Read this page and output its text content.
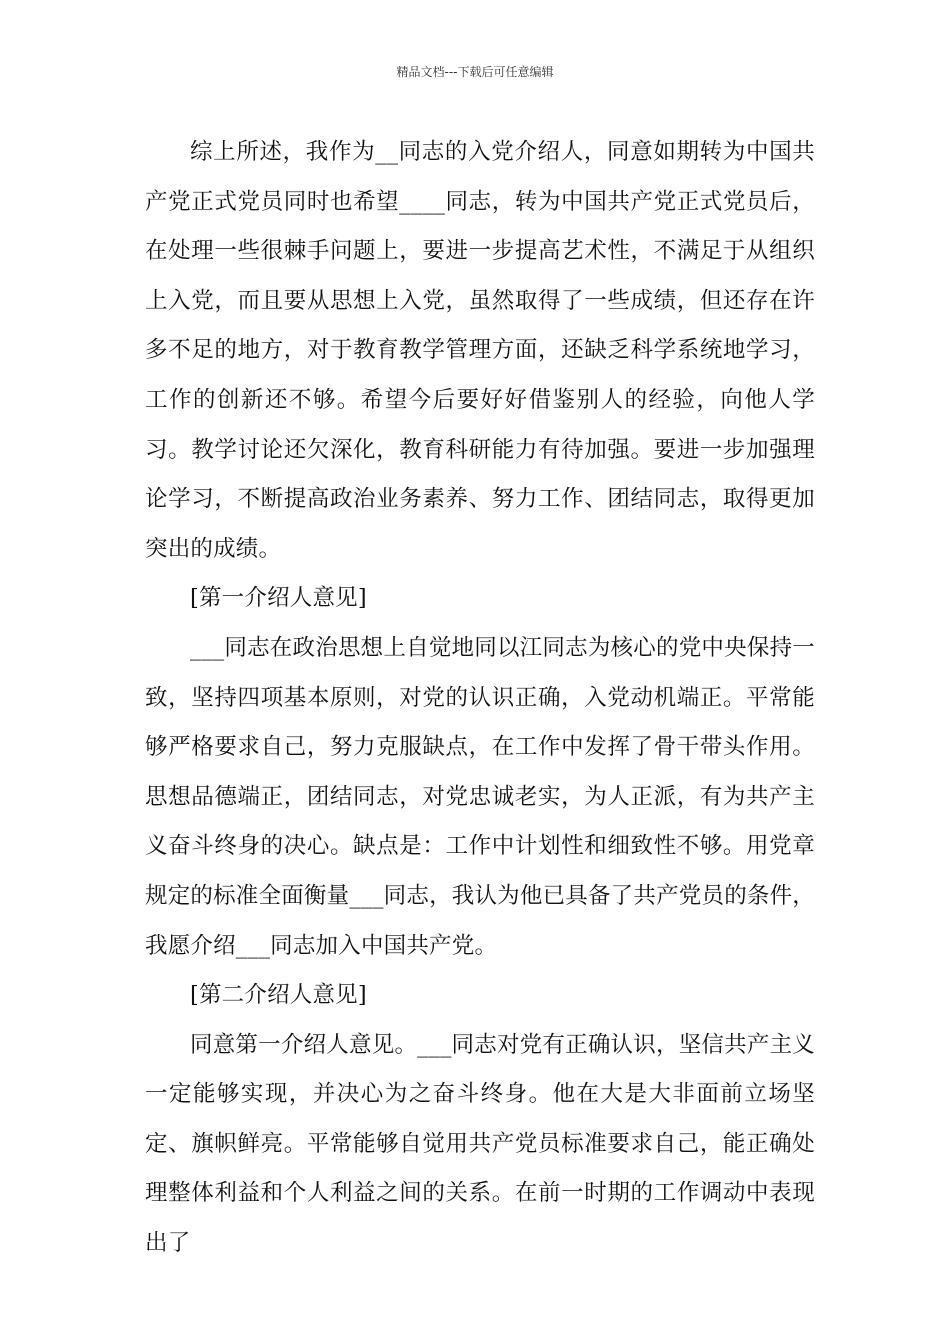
精品文档---下载后可任意编辑

综上所述，我作为__同志的入党介绍人，同意如期转为中国共产党正式党员同时也希望____同志，转为中国共产党正式党员后，在处理一些很棘手问题上，要进一步提高艺术性，不满足于从组织上入党，而且要从思想上入党，虽然取得了一些成绩，但还存在许多不足的地方，对于教育教学管理方面，还缺乏科学系统地学习，工作的创新还不够。希望今后要好好借鉴别人的经验，向他人学习。教学讨论还欠深化，教育科研能力有待加强。要进一步加强理论学习，不断提高政治业务素养、努力工作、团结同志，取得更加突出的成绩。

[第一介绍人意见]

___同志在政治思想上自觉地同以江同志为核心的党中央保持一致，坚持四项基本原则，对党的认识正确，入党动机端正。平常能够严格要求自己，努力克服缺点，在工作中发挥了骨干带头作用。思想品德端正，团结同志，对党忠诚老实，为人正派，有为共产主义奋斗终身的决心。缺点是：工作中计划性和细致性不够。用党章规定的标准全面衡量___同志，我认为他已具备了共产党员的条件，我愿介绍___同志加入中国共产党。

[第二介绍人意见]

同意第一介绍人意见。___同志对党有正确认识，坚信共产主义一定能够实现，并决心为之奋斗终身。他在大是大非面前立场坚定、旗帜鲜亮。平常能够自觉用共产党员标准要求自己，能正确处理整体利益和个人利益之间的关系。在前一时期的工作调动中表现出了
